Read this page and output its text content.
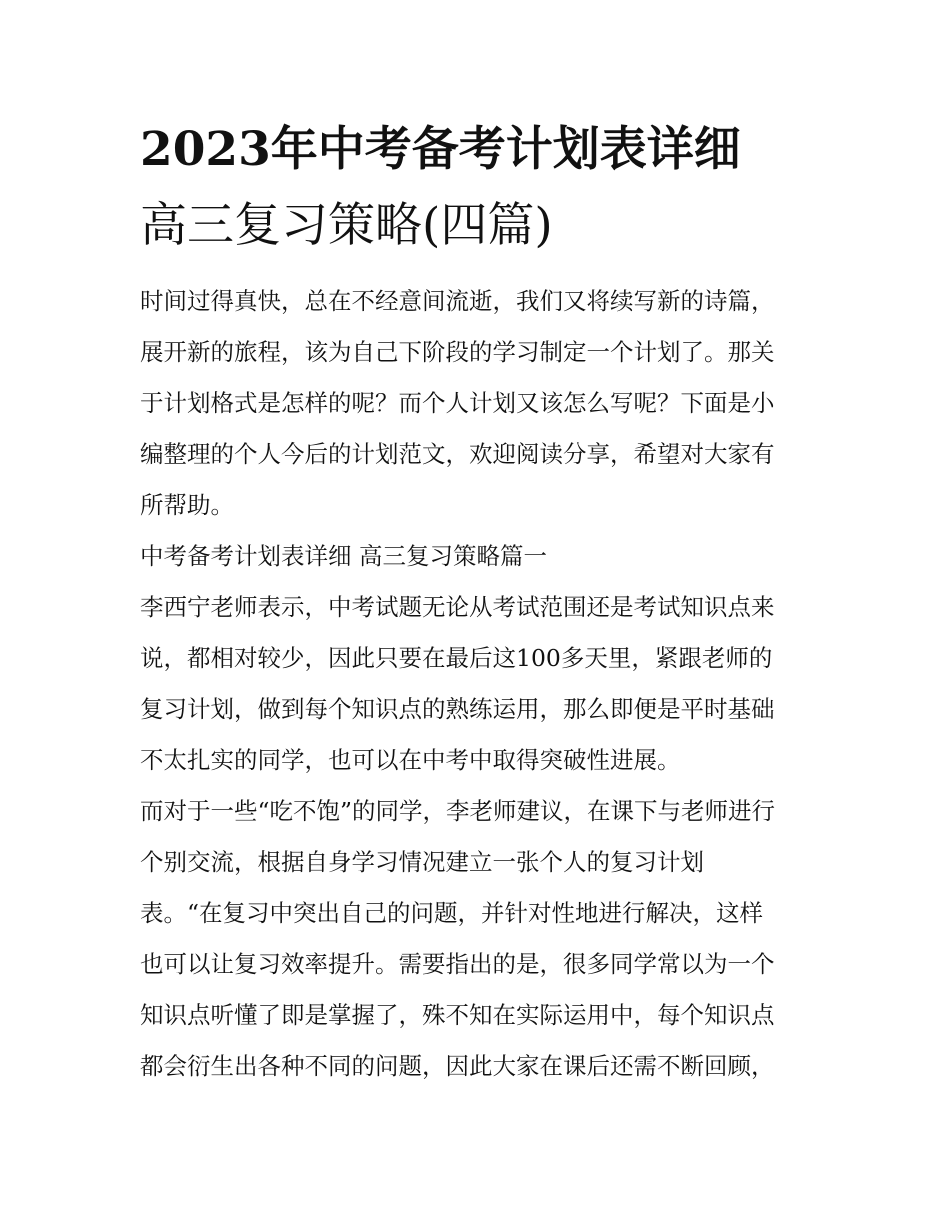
2023年中考备考计划表详细
高三复习策略(四篇)
时间过得真快，总在不经意间流逝，我们又将续写新的诗篇，
展开新的旅程，该为自己下阶段的学习制定一个计划了。那关
于计划格式是怎样的呢？而个人计划又该怎么写呢？下面是小
编整理的个人今后的计划范文，欢迎阅读分享，希望对大家有
所帮助。
中考备考计划表详细 高三复习策略篇一
李西宁老师表示，中考试题无论从考试范围还是考试知识点来
说，都相对较少，因此只要在最后这100多天里，紧跟老师的
复习计划，做到每个知识点的熟练运用，那么即便是平时基础
不太扎实的同学，也可以在中考中取得突破性进展。
而对于一些“吃不饱”的同学，李老师建议，在课下与老师进行
个别交流，根据自身学习情况建立一张个人的复习计划
表。“在复习中突出自己的问题，并针对性地进行解决，这样
也可以让复习效率提升。需要指出的是，很多同学常以为一个
知识点听懂了即是掌握了，殊不知在实际运用中，每个知识点
都会衍生出各种不同的问题，因此大家在课后还需不断回顾，
